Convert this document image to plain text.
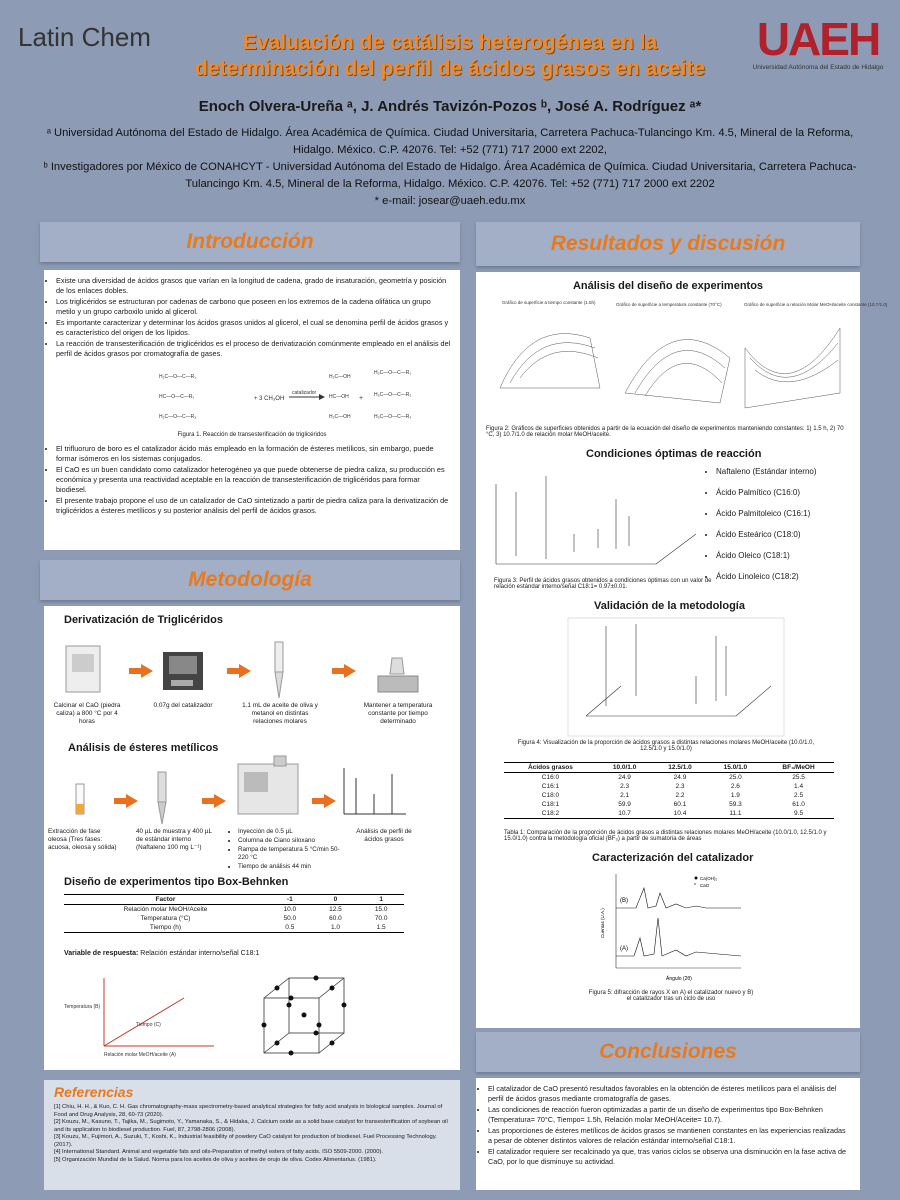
Latin Chem	Evaluación de catálisis heterogénea en la
determinación del perfil de ácidos grasos en aceite
UAEH
Universidad Autónoma del Estado de Hidalgo
Enoch Olvera-Ureña ᵃ, J. Andrés Tavizón-Pozos ᵇ, José A. Rodríguez ᵃ*
ᵃ Universidad Autónoma del Estado de Hidalgo. Área Académica de Química. Ciudad Universitaria, Carretera Pachuca-Tulancingo Km. 4.5, Mineral de la Reforma, Hidalgo. México. C.P. 42076. Tel: +52 (771) 717 2000 ext 2202,
ᵇ Investigadores por México de CONAHCYT - Universidad Autónoma del Estado de Hidalgo. Área Académica de Química. Ciudad Universitaria, Carretera Pachuca-Tulancingo Km. 4.5, Mineral de la Reforma, Hidalgo. México. C.P. 42076. Tel: +52 (771) 717 2000 ext 2202
* e-mail: josear@uaeh.edu.mx
Introducción
• Existe una diversidad de ácidos grasos que varían en la longitud de cadena, grado de insaturación, geometría y posición de los enlaces dobles.
• Los triglicéridos se estructuran por cadenas de carbono que poseen en los extremos de la cadena olifática un grupo metilo y un grupo carboxilo unido al glicerol.
• Es importante caracterizar y determinar los ácidos grasos unidos al glicerol, el cual se denomina perfil de ácidos grasos y es característico del origen de los lípidos.
• La reacción de transesterificación de triglicéridos es el proceso de derivatización comúnmente empleado en el análisis del perfil de ácidos grasos por cromatografía de gases.
H₂C—O—C—R₁
HC—O—C—R₂
H₂C—O—C—R₃
+ 3 CH₃OH
catalizador
H₂C—OH
HC—OH
H₂C—OH
+
H₃C—O—C—R₁
H₃C—O—C—R₂
H₃C—O—C—R₃
Figura 1. Reacción de transesterificación de triglicéridos
• El trifluoruro de boro es el catalizador ácido más empleado en la formación de ésteres metílicos, sin embargo, puede formar isómeros en los sistemas conjugados.
• El CaO es un buen candidato como catalizador heterogéneo ya que puede obtenerse de piedra caliza, su producción es económica y presenta una reactividad aceptable en la reacción de transesterificación de triglicéridos para formar biodiesel.
• El presente trabajo propone el uso de un catalizador de CaO sintetizado a partir de piedra caliza para la derivatización de triglicéridos a ésteres metílicos y su posterior análisis del perfil de ácidos grasos.
Metodología
Derivatización de Triglicéridos
Calcinar el CaO (piedra caliza) a 800 °C por 4 horas
0.07g del catalizador	1.1 mL de aceite de oliva y metanol en distintas relaciones molares
Mantener a temperatura constante por tiempo determinado
Análisis de ésteres metílicos
Extracción de fase oleosa (Tres fases: acuosa, oleosa y sólida)
40 µL de muestra y 400 µL de estándar interno (Naftaleno 100 mg L⁻¹)
• Inyección de 0.5 µL
• Columna de Ciano siloxano
• Rampa de temperatura 5 °C/min 50-220 °C
• Tiempo de análisis 44 min
Análisis de perfil de ácidos grasos
Diseño de experimentos tipo Box-Behnken
Factor	-1	0	1
Relación molar MeOH/Aceite	10.0	12.5	15.0
Temperatura (°C)	50.0	60.0	70.0
Tiempo (h)	0.5	1.0	1.5
Variable de respuesta: Relación estándar interno/señal C18:1
Temperatura (B)
Tiempo (C)
Relación molar MeOH/aceite (A)
Referencias
[1] Chiu, H. H., & Kuo, C. H. Gas chromatography-mass spectrometry-based analytical strategies for fatty acid analysis in biological samples. Journal of Food and Drug Analysis, 28, 60-73 (2020).
[2] Kouzu, M., Kasuno, T., Tajika, M., Sugimoto, Y., Yamanaka, S., & Hidaka, J. Calcium oxide as a solid base catalyst for transesterification of soybean oil and its application to biodiesel production. Fuel, 87, 2798-2806 (2008).
[3] Kouzu, M., Fujimori, A., Suzuki, T., Koshi, K., Industrial feasibility of powdery CaO catalyst for production of biodiesel. Fuel Processing Technology. (2017).
[4] International Standard. Animal and vegetable fats and oils-Preparation of methyl esters of fatty acids. ISO 5509-2000. (2000).
[5] Organización Mundial de la Salud. Norma para los aceites de oliva y aceites de orujo de oliva. Codex Alimentarius. (1981).
Resultados y discusión
Análisis del diseño de experimentos
Gráfico de superficie a tiempo constante (1.5h)	Gráfico de superficie a temperatura constante (70°C)	Gráfico de superficie a relación Molar MeOH/aceite constante (10.7/1.0)
Figura 2: Gráficos de superficies obtenidos a partir de la ecuación del diseño de experimentos manteniendo constantes: 1) 1.5 h, 2) 70 °C, 3) 10.7/1.0 de relación molar MeOH/aceite.
Condiciones óptimas de reacción
• Naftaleno (Estándar interno)
• Ácido Palmítico (C16:0)
• Ácido Palmitoleico (C16:1)
• Ácido Esteárico (C18:0)
• Ácido Oleico (C18:1)
• Ácido Linoleico (C18:2)
Figura 3: Perfil de ácidos grasos obtenidos a condiciones óptimas con un valor de relación estándar interno/señal C18:1= 0.97±0.01.
Validación de la metodología
Figura 4: Visualización de la proporción de ácidos grasos a distintas relaciones molares MeOH/aceite (10.0/1.0, 12.5/1.0 y 15.0/1.0)
Ácidos grasos	10.0/1.0	12.5/1.0	15.0/1.0	BF₃/MeOH
C16:0	24.9	24.9	25.0	25.5
C16:1	2.3	2.3	2.6	1.4
C18:0	2.1	2.2	1.9	2.5
C18:1	59.9	60.1	59.3	61.0
C18:2	10.7	10.4	11.1	9.5
Tabla 1: Comparación de la proporción de ácidos grasos a distintas relaciones molares MeOH/aceite (10.0/1.0, 12.5/1.0 y 15.0/1.0) contra la metodología oficial (BF₃) a partir de sumatoria de áreas
Caracterización del catalizador
(B)
(A)
Ángulo (2θ)
Cuentas (U.A.)
Ca(OH)₂
* CaO
Figura 5: difracción de rayos X en A) el catalizador nuevo y B) el catalizador tras un ciclo de uso
Conclusiones
• El catalizador de CaO presentó resultados favorables en la obtención de ésteres metílicos para el análisis del perfil de ácidos grasos mediante cromatografía de gases.
• Las condiciones de reacción fueron optimizadas a partir de un diseño de experimentos tipo Box-Behnken (Temperatura= 70°C, Tiempo= 1.5h, Relación molar MeOH/Aceite= 10.7).
• Las proporciones de ésteres metílicos de ácidos grasos se mantienen constantes en las experiencias realizadas a pesar de obtener distintos valores de relación estándar interno/señal C18:1.
• El catalizador requiere ser recalcinado ya que, tras varios ciclos se observa una disminución en la fase activa de CaO, por lo que disminuye su actividad.
